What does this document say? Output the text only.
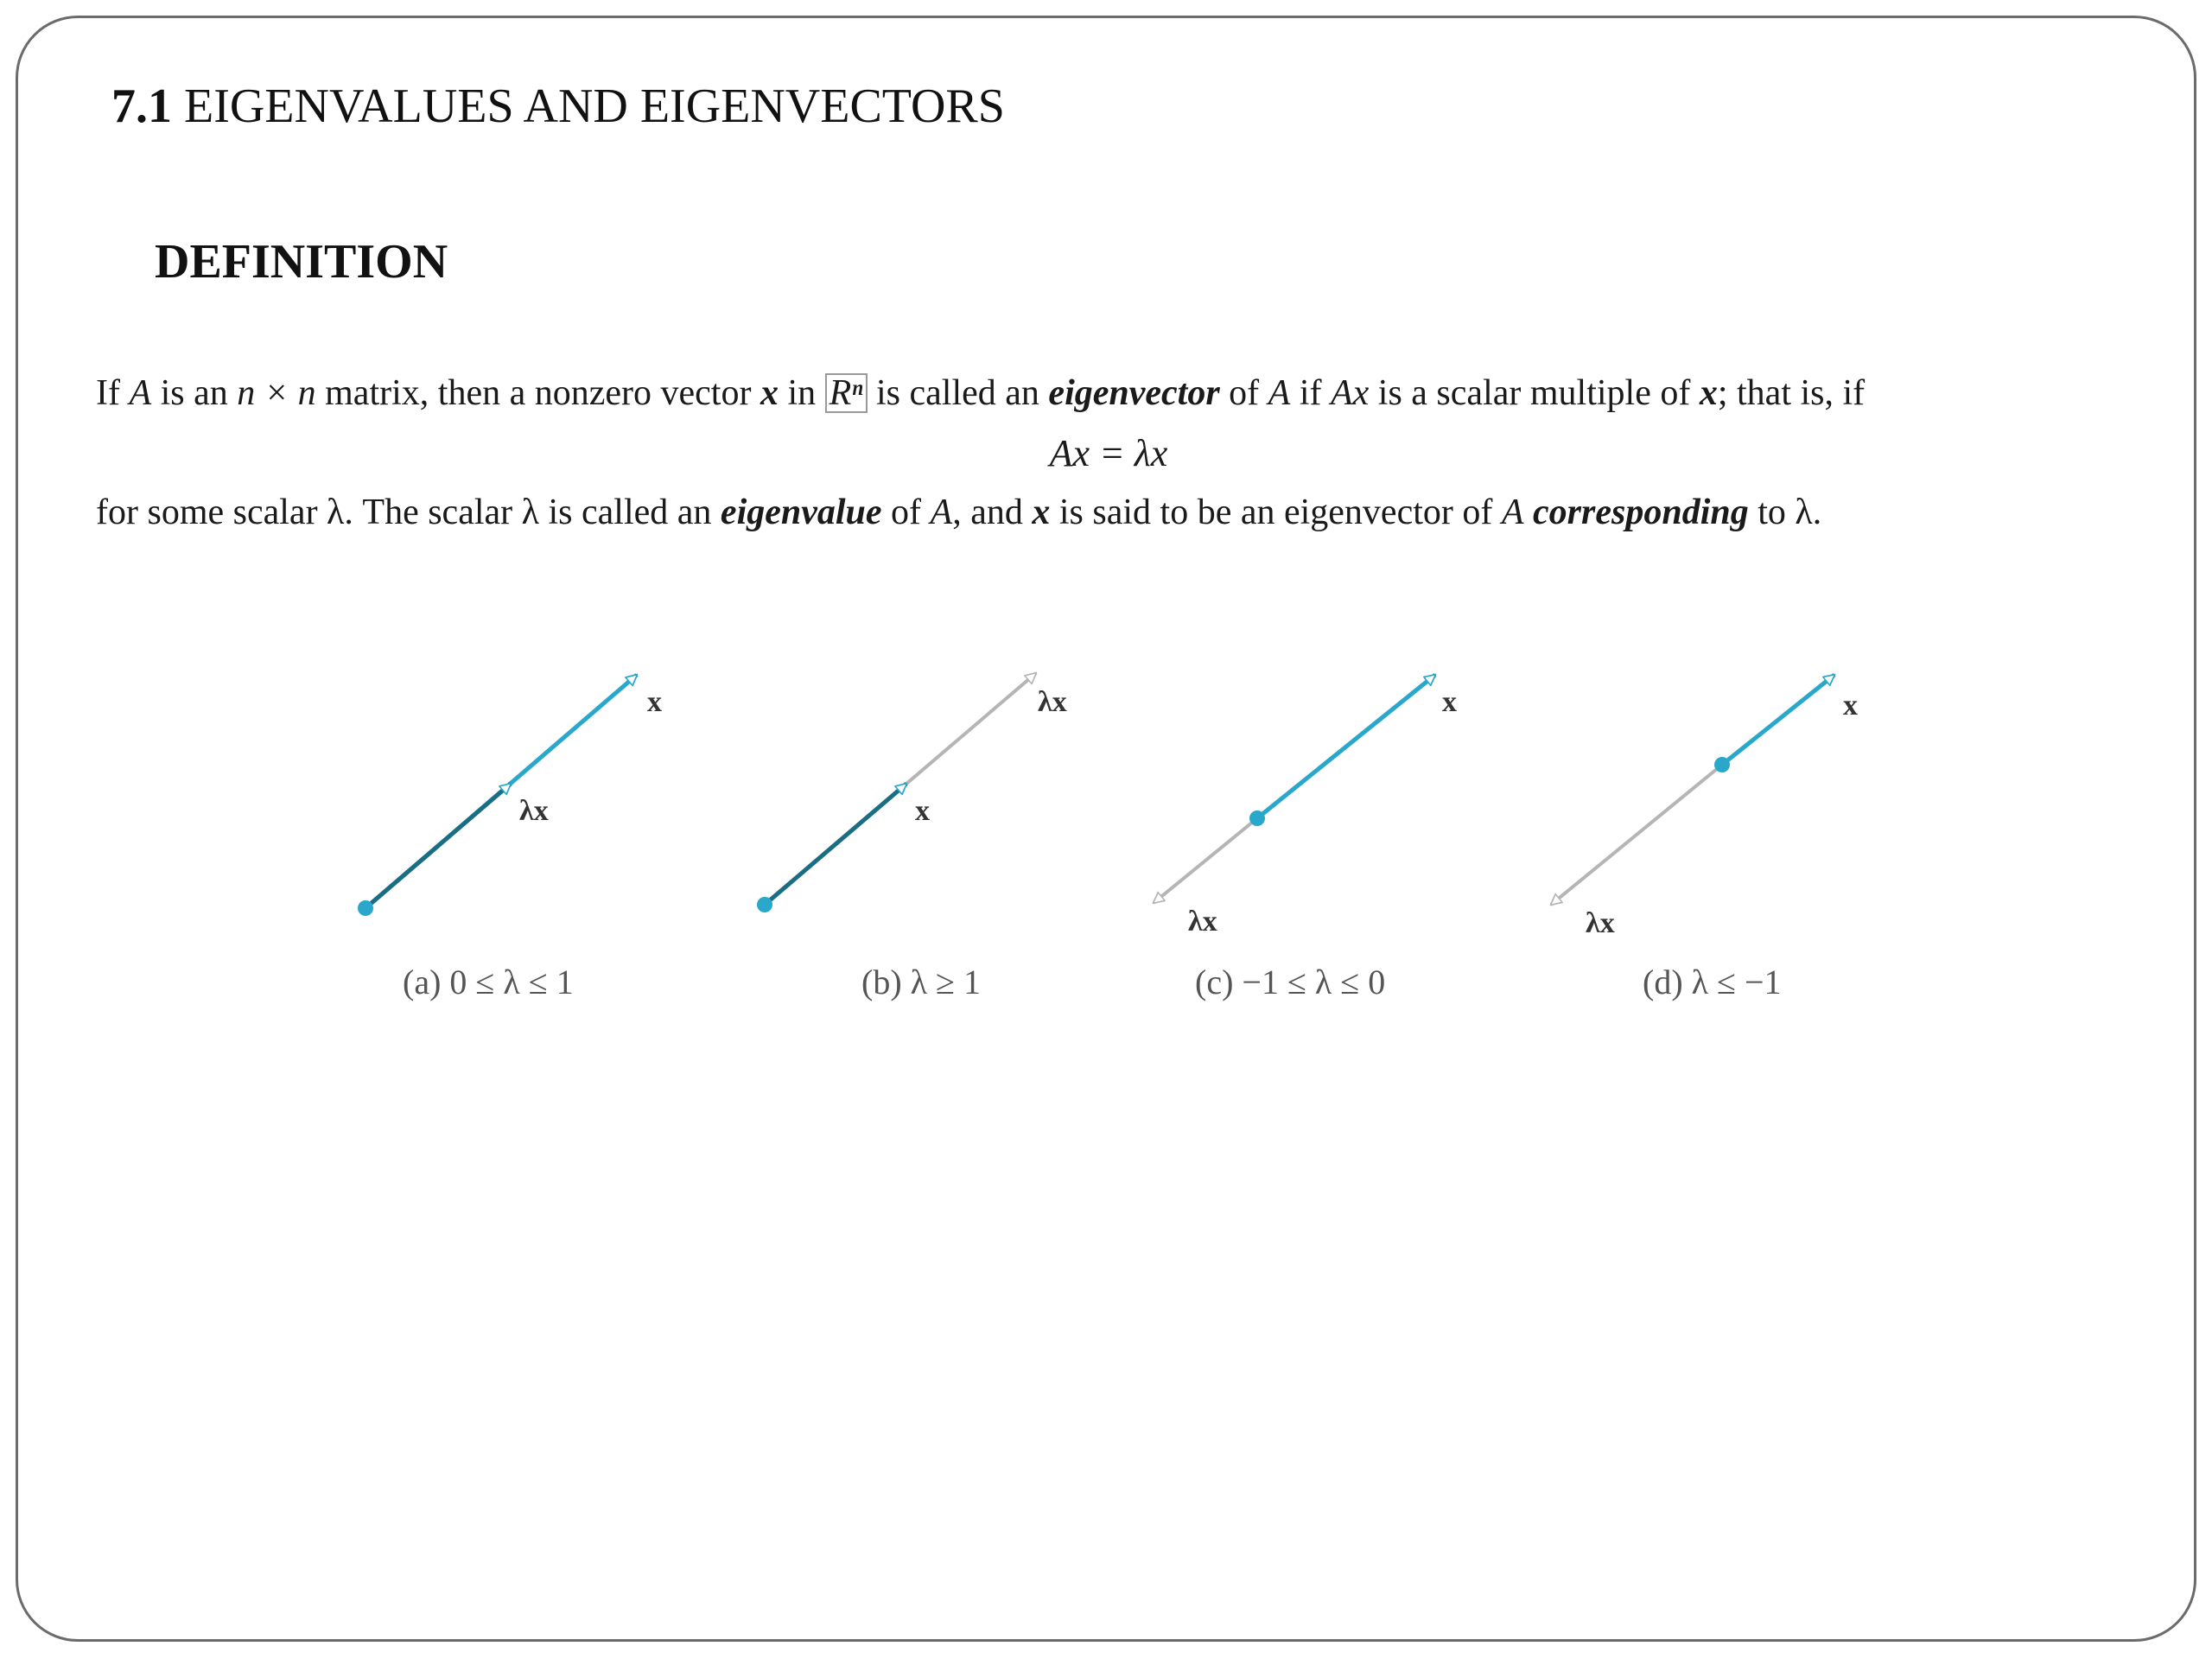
7.1 EIGENVALUES AND EIGENVECTORS
DEFINITION
If A is an n × n matrix, then a nonzero vector x in Rⁿ is called an eigenvector of A if Ax is a scalar multiple of x; that is, if
Ax = λx
for some scalar λ. The scalar λ is called an eigenvalue of A, and x is said to be an eigenvector of A corresponding to λ.
x
λx
λx
x
x
λx
x
λx
(a) 0 ≤ λ ≤ 1	(b) λ ≥ 1	(c) −1 ≤ λ ≤ 0	(d) λ ≤ −1
